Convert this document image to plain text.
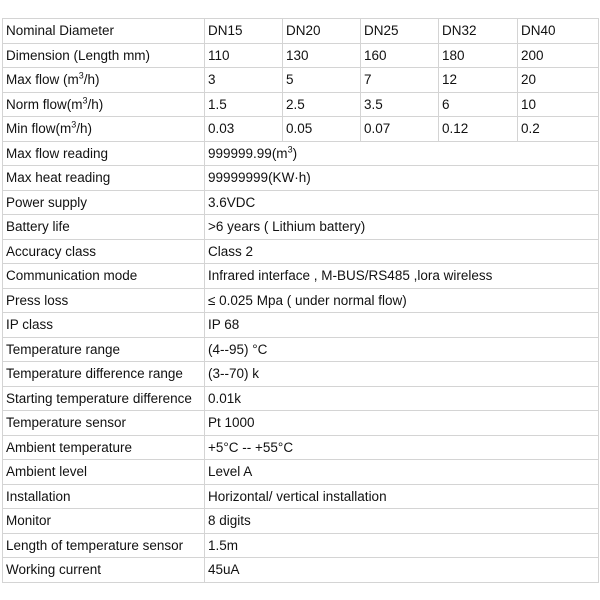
Nominal Diameter	DN15	DN20	DN25	DN32	DN40
Dimension (Length mm)	110	130	160	180	200
Max flow $(m^3/h)$	3	5	7	12	20
Norm $flow(m^3/h)$	1.5	2.5	3.5	6	10
Min $flow(m^3/h)$	0.03	0.05	0.07	0.12	0.2
Max flow reading	$999999.99(m^3)$				
Max heat reading	99999999(KW·h)				
Power supply	3.6VDC				
Battery life	>6 years ( Lithium battery)				
Accuracy class	Class 2				
Communication mode	Infrared interface , M-BUS/RS485 ,lora wireless				
Press loss	≤ 0.025 Mpa ( under normal flow)				
IP class	IP 68				
Temperature range	(4--95) °C				
Temperature difference range	(3--70) k				
Starting temperature difference	0.01k				
Temperature sensor	Pt 1000				
Ambient temperature	+5°C -- +55°C				
Ambient level	Level A				
Installation	Horizontal/ vertical installation				
Monitor	8 digits				
Length of temperature sensor	1.5m				
Working current	45uA				
